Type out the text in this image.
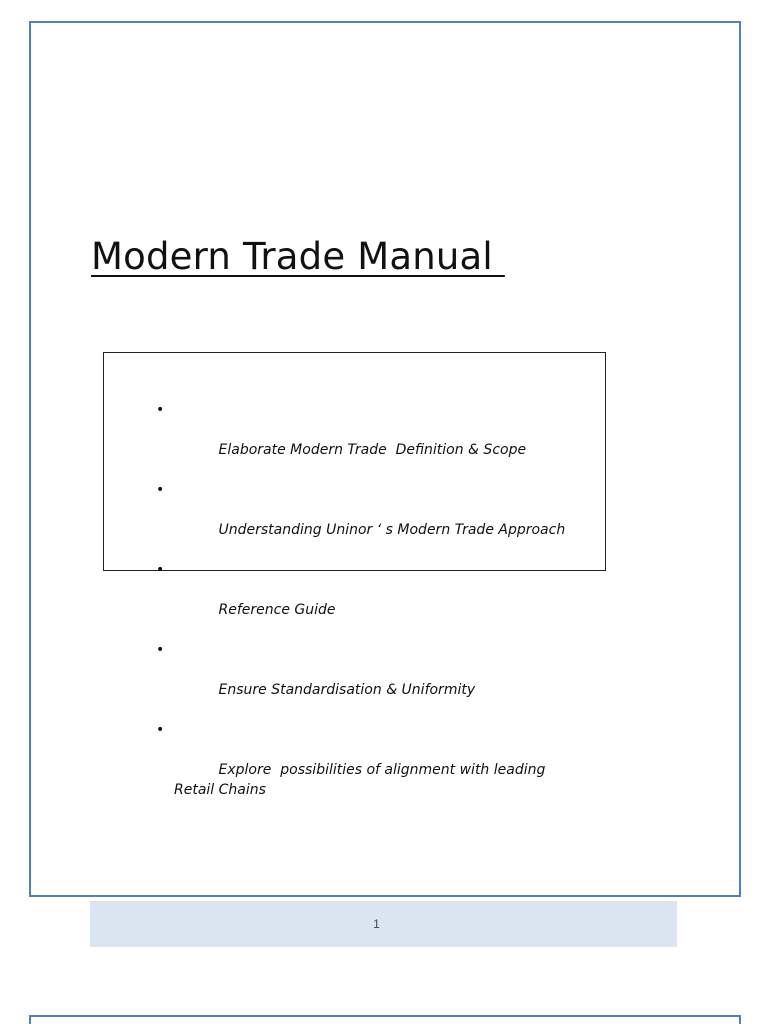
Modern Trade Manual

•

Elaborate Modern Trade  Definition & Scope

•

Understanding Uninor ‘ s Modern Trade Approach

•

Reference Guide

•

Ensure Standardisation & Uniformity

•

Explore  possibilities of alignment with leading
Retail Chains

1
